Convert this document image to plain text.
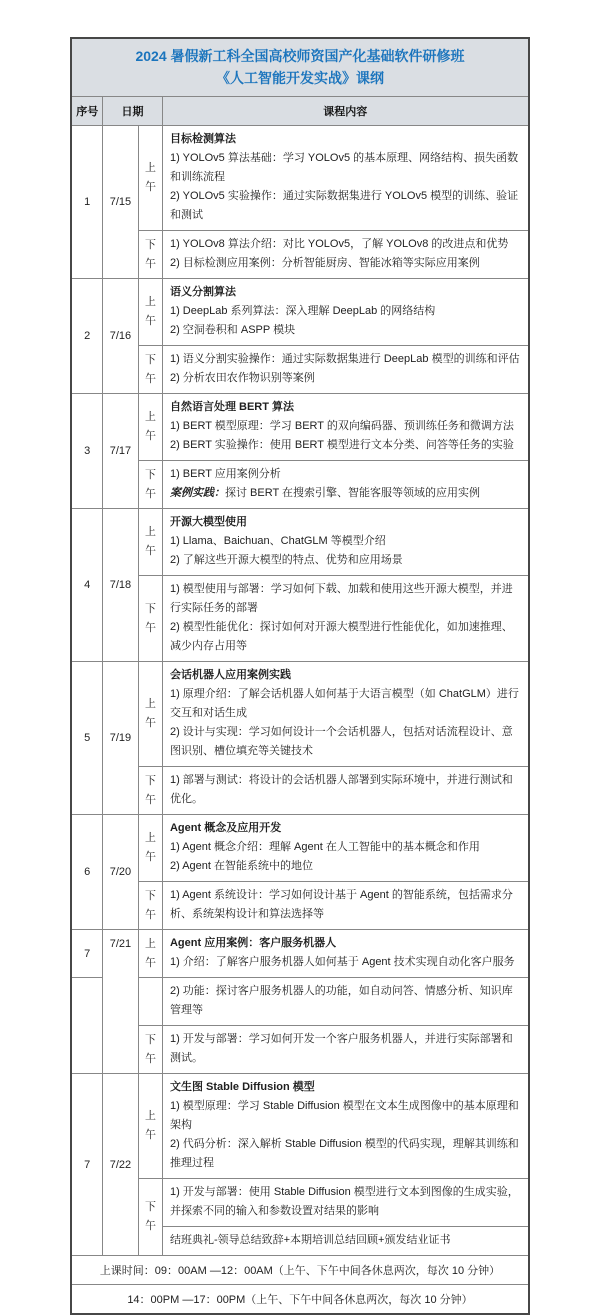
2024 暑假新工科全国高校师资国产化基础软件研修班
《人工智能开发实战》课纲			

序号	日期		课程内容
1	7/15	上午	目标检测算法

1) YOLOv5 算法基础：学习 YOLOv5 的基本原理、网络结构、损失函数和训练流程

2) YOLOv5 实验操作：通过实际数据集进行 YOLOv5 模型的训练、验证和测试

		下午	1) YOLOv8 算法介绍：对比 YOLOv5，了解 YOLOv8 的改进点和优势

2) 目标检测应用案例：分析智能厨房、智能冰箱等实际应用案例

2	7/16	上午	语义分割算法

1) DeepLab 系列算法：深入理解 DeepLab 的网络结构

2) 空洞卷积和 ASPP 模块

		下午	1) 语义分割实验操作：通过实际数据集进行 DeepLab 模型的训练和评估

2) 分析农田农作物识别等案例

3	7/17	上午	自然语言处理 BERT 算法

1) BERT 模型原理：学习 BERT 的双向编码器、预训练任务和微调方法

2) BERT 实验操作：使用 BERT 模型进行文本分类、问答等任务的实验

		下午	1) BERT 应用案例分析

案例实践：探讨 BERT 在搜索引擎、智能客服等领域的应用实例

4	7/18	上午	开源大模型使用

1) Llama、Baichuan、ChatGLM 等模型介绍

2) 了解这些开源大模型的特点、优势和应用场景

		下午	1) 模型使用与部署：学习如何下载、加载和使用这些开源大模型，并进行实际任务的部署

2) 模型性能优化：探讨如何对开源大模型进行性能优化，如加速推理、减少内存占用等

5	7/19	上午	会话机器人应用案例实践

1) 原理介绍：了解会话机器人如何基于大语言模型（如 ChatGLM）进行交互和对话生成

2) 设计与实现：学习如何设计一个会话机器人，包括对话流程设计、意图识别、槽位填充等关键技术

		下午	1) 部署与测试：将设计的会话机器人部署到实际环境中，并进行测试和优化。

6	7/20	上午	Agent 概念及应用开发

1) Agent 概念介绍：理解 Agent 在人工智能中的基本概念和作用

2) Agent 在智能系统中的地位

		下午	1) Agent 系统设计：学习如何设计基于 Agent 的智能系统，包括需求分析、系统架构设计和算法选择等

7	7/21	上午	Agent 应用案例：客户服务机器人

1) 介绍：了解客户服务机器人如何基于 Agent 技术实现自动化客户服务

			2) 功能：探讨客户服务机器人的功能，如自动问答、情感分析、知识库管理等

		下午	1) 开发与部署：学习如何开发一个客户服务机器人，并进行实际部署和测试。

7	7/22	上午	文生图 Stable Diffusion 模型

1) 模型原理：学习 Stable Diffusion 模型在文本生成图像中的基本原理和架构

2) 代码分析：深入解析 Stable Diffusion 模型的代码实现，理解其训练和推理过程

		下午	1) 开发与部署：使用 Stable Diffusion 模型进行文本到图像的生成实验，并探索不同的输入和参数设置对结果的影响

			结班典礼-领导总结致辞+本期培训总结回顾+颁发结业证书

上课时间：09：00AM —12：00AM（上午、下午中间各休息两次，每次 10 分钟）			
14：00PM —17：00PM（上午、下午中间各休息两次，每次 10 分钟）			
